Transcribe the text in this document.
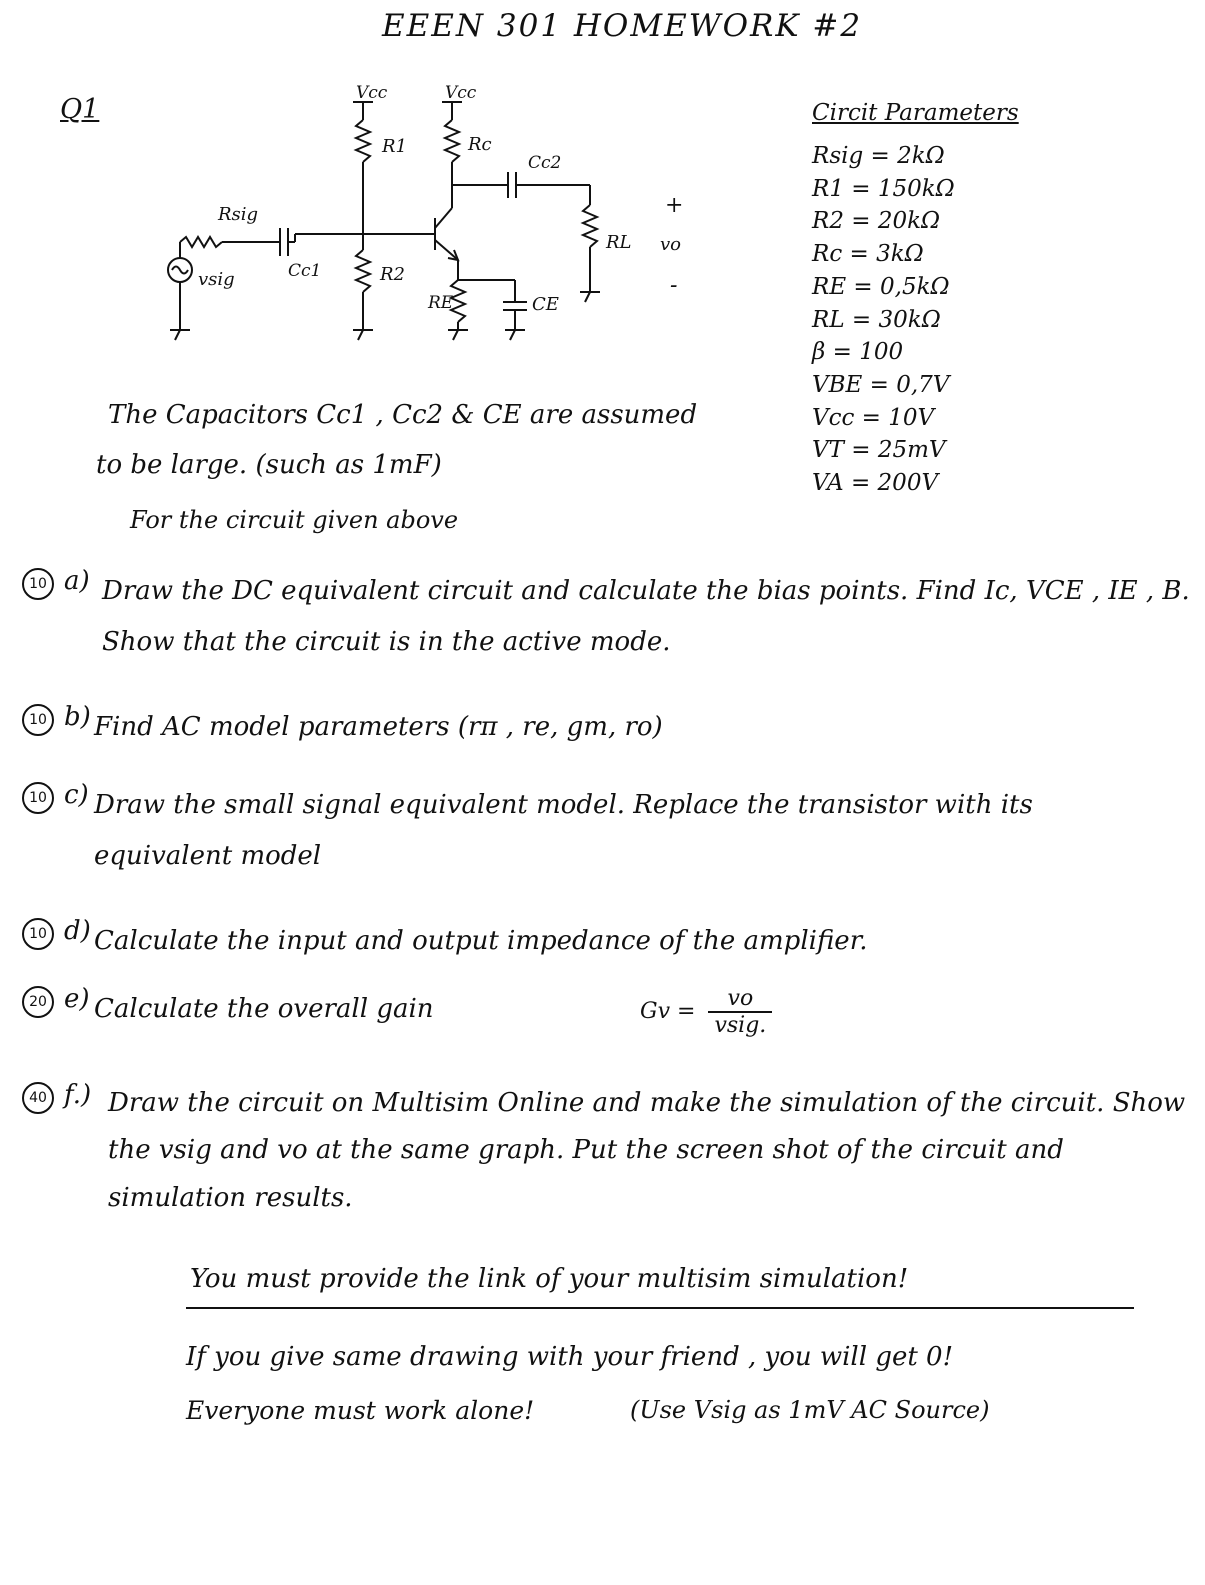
EEEN 301 HOMEWORK #2
Q1
Vcc	Vcc
R1	Rc
Cc2
Rsig
Cc1
vsig	R2
RE	CE
RL vo
+
-
Circit Parameters
Rsig = 2kΩ
R1 = 150kΩ
R2 = 20kΩ
Rc = 3kΩ
RE = 0,5kΩ
RL = 30kΩ
β = 100
VBE = 0,7V
Vcc = 10V
VT = 25mV
VA = 200V
The Capacitors Cc1 , Cc2 & CE are assumed
to be large. (such as 1mF)
For the circuit given above
10 a) Draw the DC equivalent circuit and calculate the bias points. Find Ic, VCE , IE , B. Show that the circuit is in the active mode.
10 b) Find AC model parameters (rπ , re, gm, ro)
10 c) Draw the small signal equivalent model. Replace the transistor with its equivalent model
10 d) Calculate the input and output impedance of the amplifier.
20 e) Calculate the overall gain	$Gv = \frac{vo}{\text{vsig.}}$
40 f.) Draw the circuit on Multisim Online and make the simulation of the circuit. Show the vsig and vo at the same graph. Put the screen shot of the circuit and simulation results.
You must provide the link of your multisim simulation!
If you give same drawing with your friend , you will get 0!
Everyone must work alone!	(Use Vsig as 1mV AC Source)
